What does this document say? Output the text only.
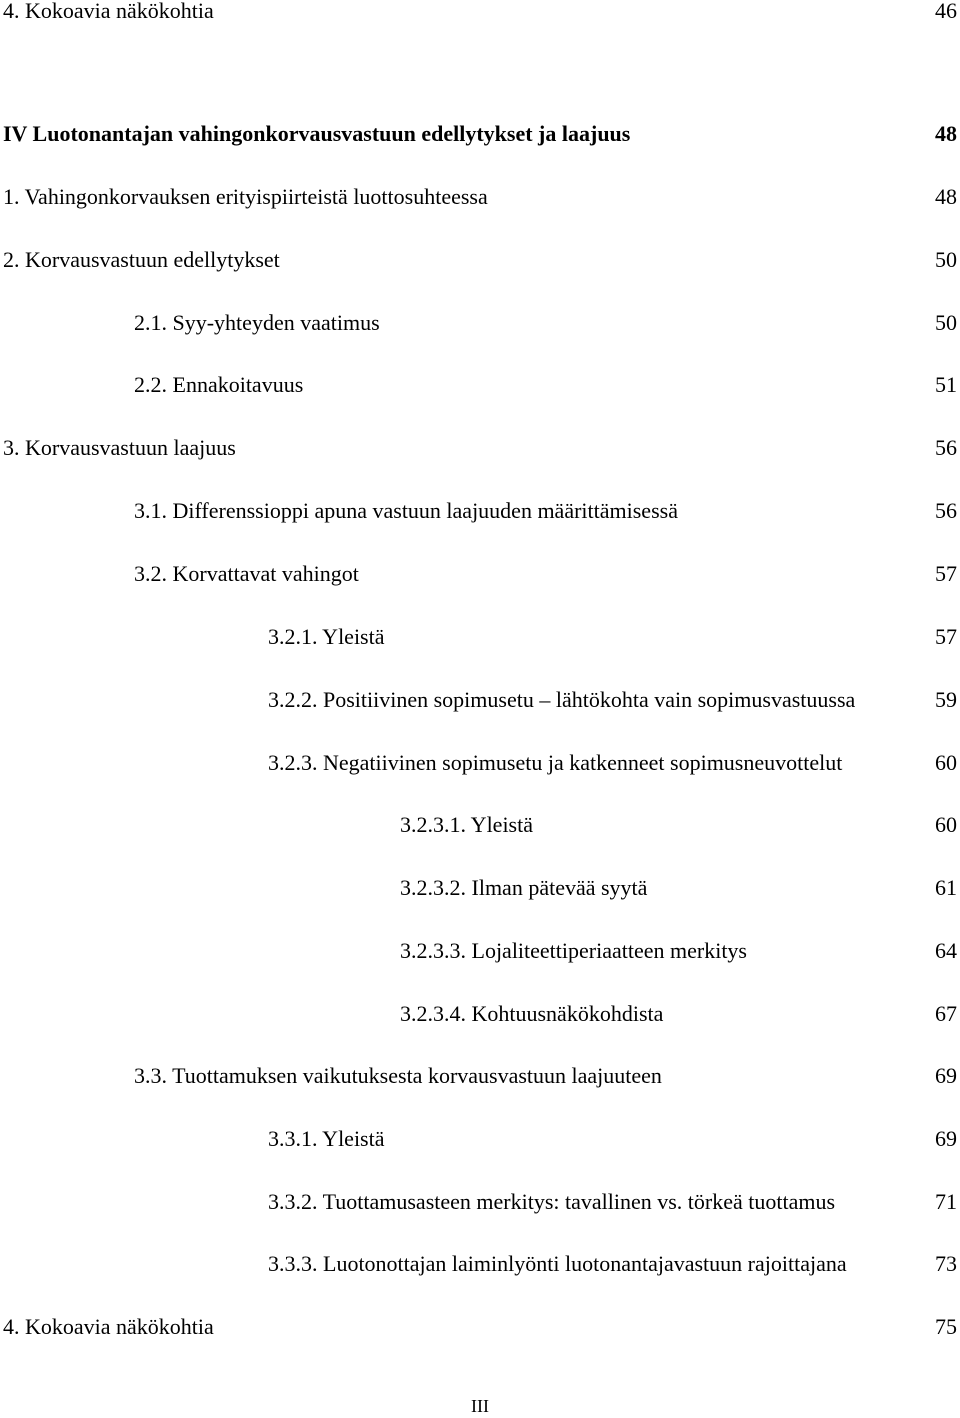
4. Kokoavia näkökohtia	46
IV Luotonantajan vahingonkorvausvastuun edellytykset ja laajuus	48
1. Vahingonkorvauksen erityispiirteistä luottosuhteessa	48
2. Korvausvastuun edellytykset	50
2.1. Syy-yhteyden vaatimus	50
2.2. Ennakoitavuus	51
3. Korvausvastuun laajuus	56
3.1. Differenssioppi apuna vastuun laajuuden määrittämisessä	56
3.2. Korvattavat vahingot	57
3.2.1. Yleistä	57
3.2.2. Positiivinen sopimusetu – lähtökohta vain sopimusvastuussa	59
3.2.3. Negatiivinen sopimusetu ja katkenneet sopimusneuvottelut	60
3.2.3.1. Yleistä	60
3.2.3.2. Ilman pätevää syytä	61
3.2.3.3. Lojaliteettiperiaatteen merkitys	64
3.2.3.4. Kohtuusnäkökohdista	67
3.3. Tuottamuksen vaikutuksesta korvausvastuun laajuuteen	69
3.3.1. Yleistä	69
3.3.2. Tuottamusasteen merkitys: tavallinen vs. törkeä tuottamus	71
3.3.3. Luotonottajan laiminlyönti luotonantajavastuun rajoittajana	73
4. Kokoavia näkökohtia	75
III
